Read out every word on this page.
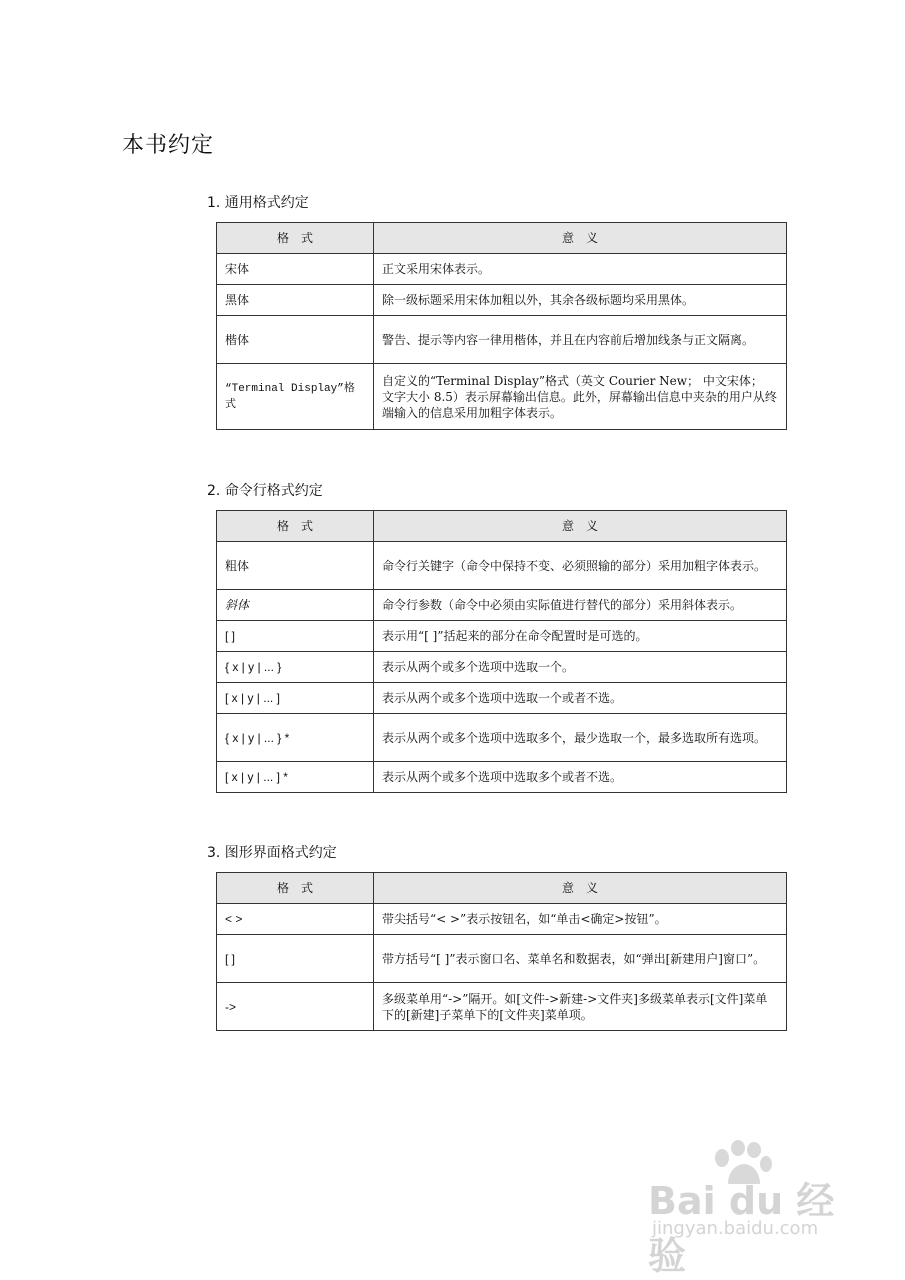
本书约定
1. 通用格式约定
格　式	意　义
宋体	正文采用宋体表示。
黑体	除一级标题采用宋体加粗以外，其余各级标题均采用黑体。
楷体	警告、提示等内容一律用楷体，并且在内容前后增加线条与正文隔离。
“Terminal Display”格式	自定义的“Terminal Display”格式（英文 Courier New； 中文宋体； 文字大小 8.5）表示屏幕输出信息。此外，屏幕输出信息中夹杂的用户从终端输入的信息采用加粗字体表示。
2. 命令行格式约定
格　式	意　义
粗体	命令行关键字（命令中保持不变、必须照输的部分）采用加粗字体表示。
斜体	命令行参数（命令中必须由实际值进行替代的部分）采用斜体表示。
[ ]	表示用“[ ]”括起来的部分在命令配置时是可选的。
{ x | y | ... }	表示从两个或多个选项中选取一个。
[ x | y | ... ]	表示从两个或多个选项中选取一个或者不选。
{ x | y | ... } *	表示从两个或多个选项中选取多个，最少选取一个，最多选取所有选项。
[ x | y | ... ] *	表示从两个或多个选项中选取多个或者不选。
3. 图形界面格式约定
格　式	意　义
< >	带尖括号“< >”表示按钮名，如“单击<确定>按钮”。
[ ]	带方括号“[ ]”表示窗口名、菜单名和数据表，如“弹出[新建用户]窗口”。
->	多级菜单用“->”隔开。如[文件->新建->文件夹]多级菜单表示[文件]菜单下的[新建]子菜单下的[文件夹]菜单项。
Bai du 经验
jingyan.baidu.com
